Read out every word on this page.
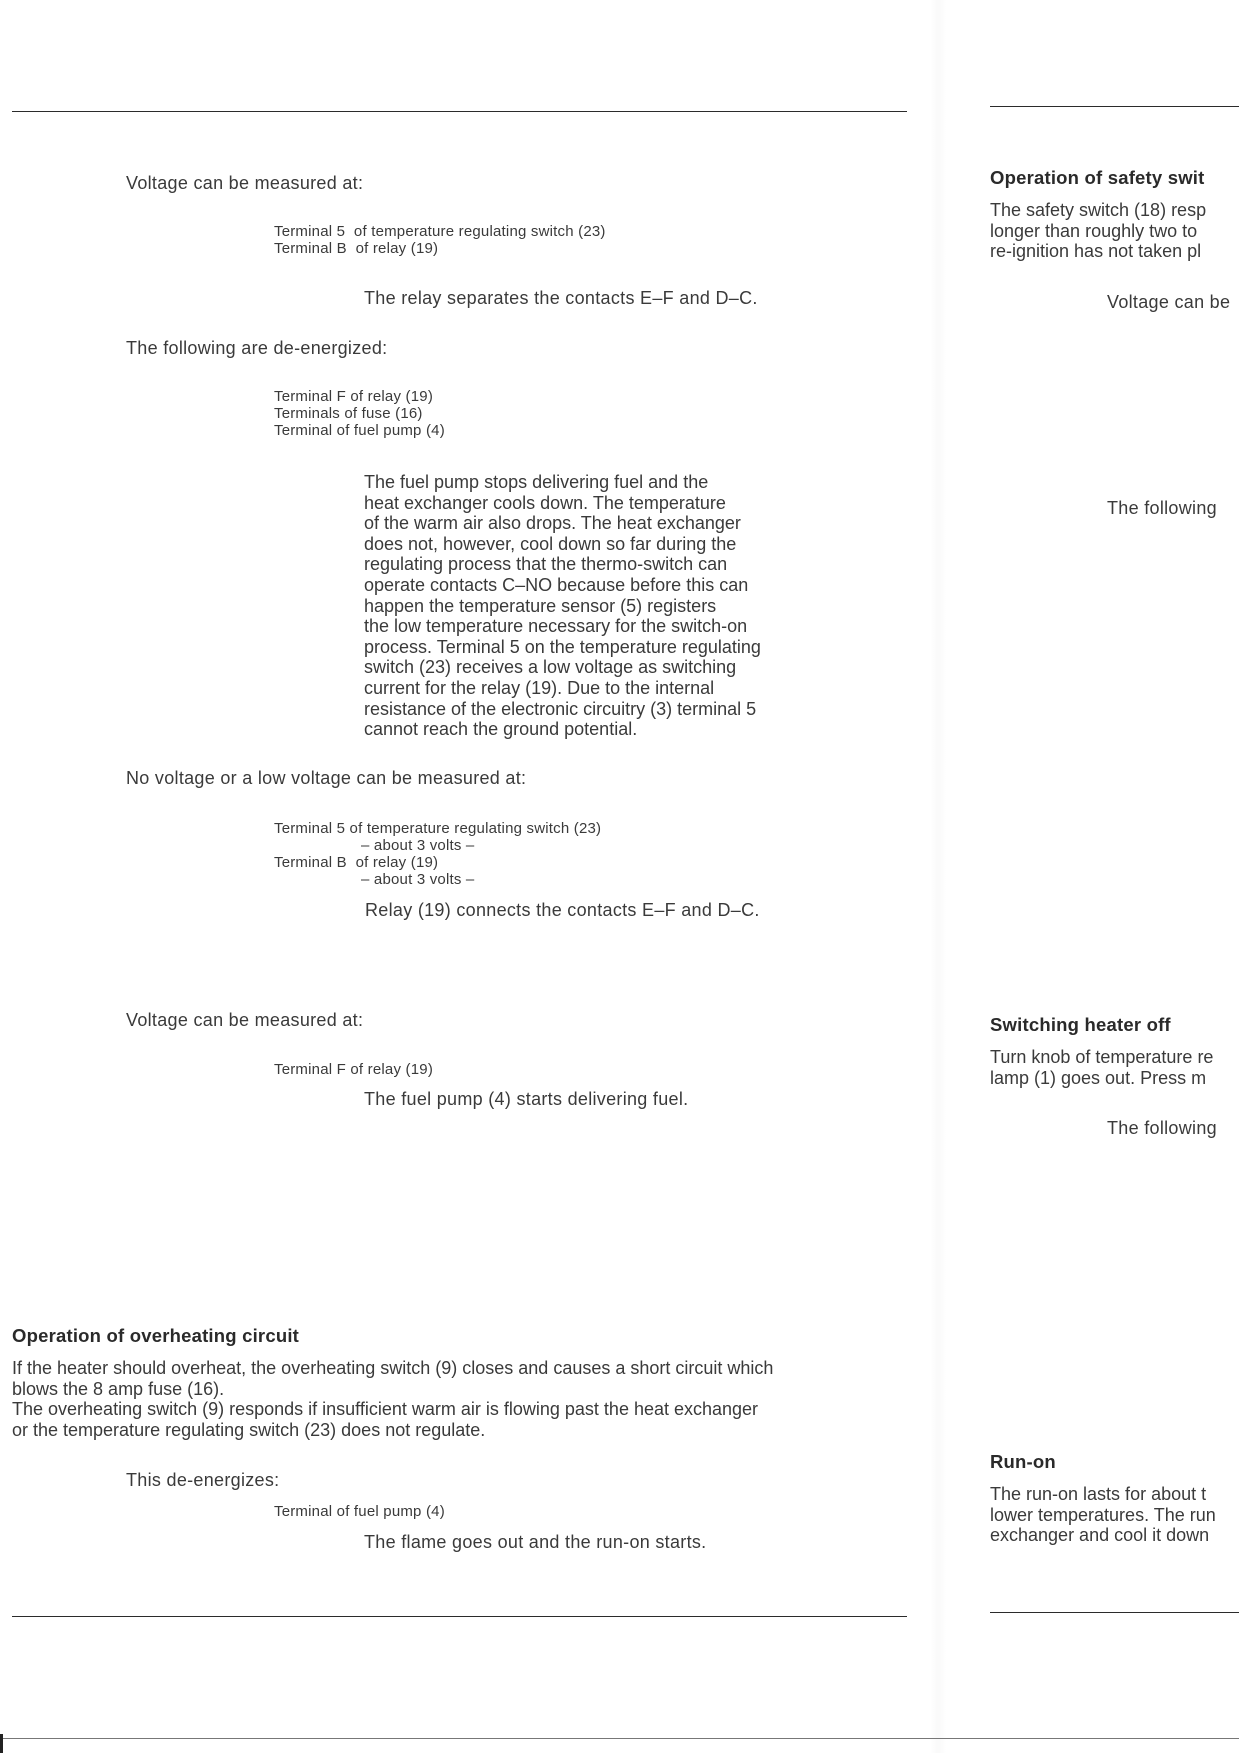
Voltage can be measured at:

Terminal 5  of temperature regulating switch (23)
Terminal B  of relay (19)

The relay separates the contacts E–F and D–C.

The following are de-energized:

Terminal F of relay (19)
Terminals of fuse (16)
Terminal of fuel pump (4)
The fuel pump stops delivering fuel and the
heat exchanger cools down. The temperature
of the warm air also drops. The heat exchanger
does not, however, cool down so far during the
regulating process that the thermo-switch can
operate contacts C–NO because before this can
happen the temperature sensor (5) registers
the low temperature necessary for the switch-on
process. Terminal 5 on the temperature regulating
switch (23) receives a low voltage as switching
current for the relay (19). Due to the internal
resistance of the electronic circuitry (3) terminal 5
cannot reach the ground potential.

No voltage or a low voltage can be measured at:

Terminal 5 of temperature regulating switch (23)
– about 3 volts –
Terminal B  of relay (19)
– about 3 volts –

Relay (19) connects the contacts E–F and D–C.

Voltage can be measured at:

Terminal F of relay (19)

The fuel pump (4) starts delivering fuel.

Operation of overheating circuit

If the heater should overheat, the overheating switch (9) closes and causes a short circuit which
blows the 8 amp fuse (16).
The overheating switch (9) responds if insufficient warm air is flowing past the heat exchanger
or the temperature regulating switch (23) does not regulate.

This de-energizes:

Terminal of fuel pump (4)

The flame goes out and the run-on starts.

Operation of safety swit

The safety switch (18) resp
longer than roughly two to
re-ignition has not taken pl

Voltage can be

The following

Switching heater off

Turn knob of temperature re
lamp (1) goes out. Press m

The following

Run-on

The run-on lasts for about t
lower temperatures. The run
exchanger and cool it down
